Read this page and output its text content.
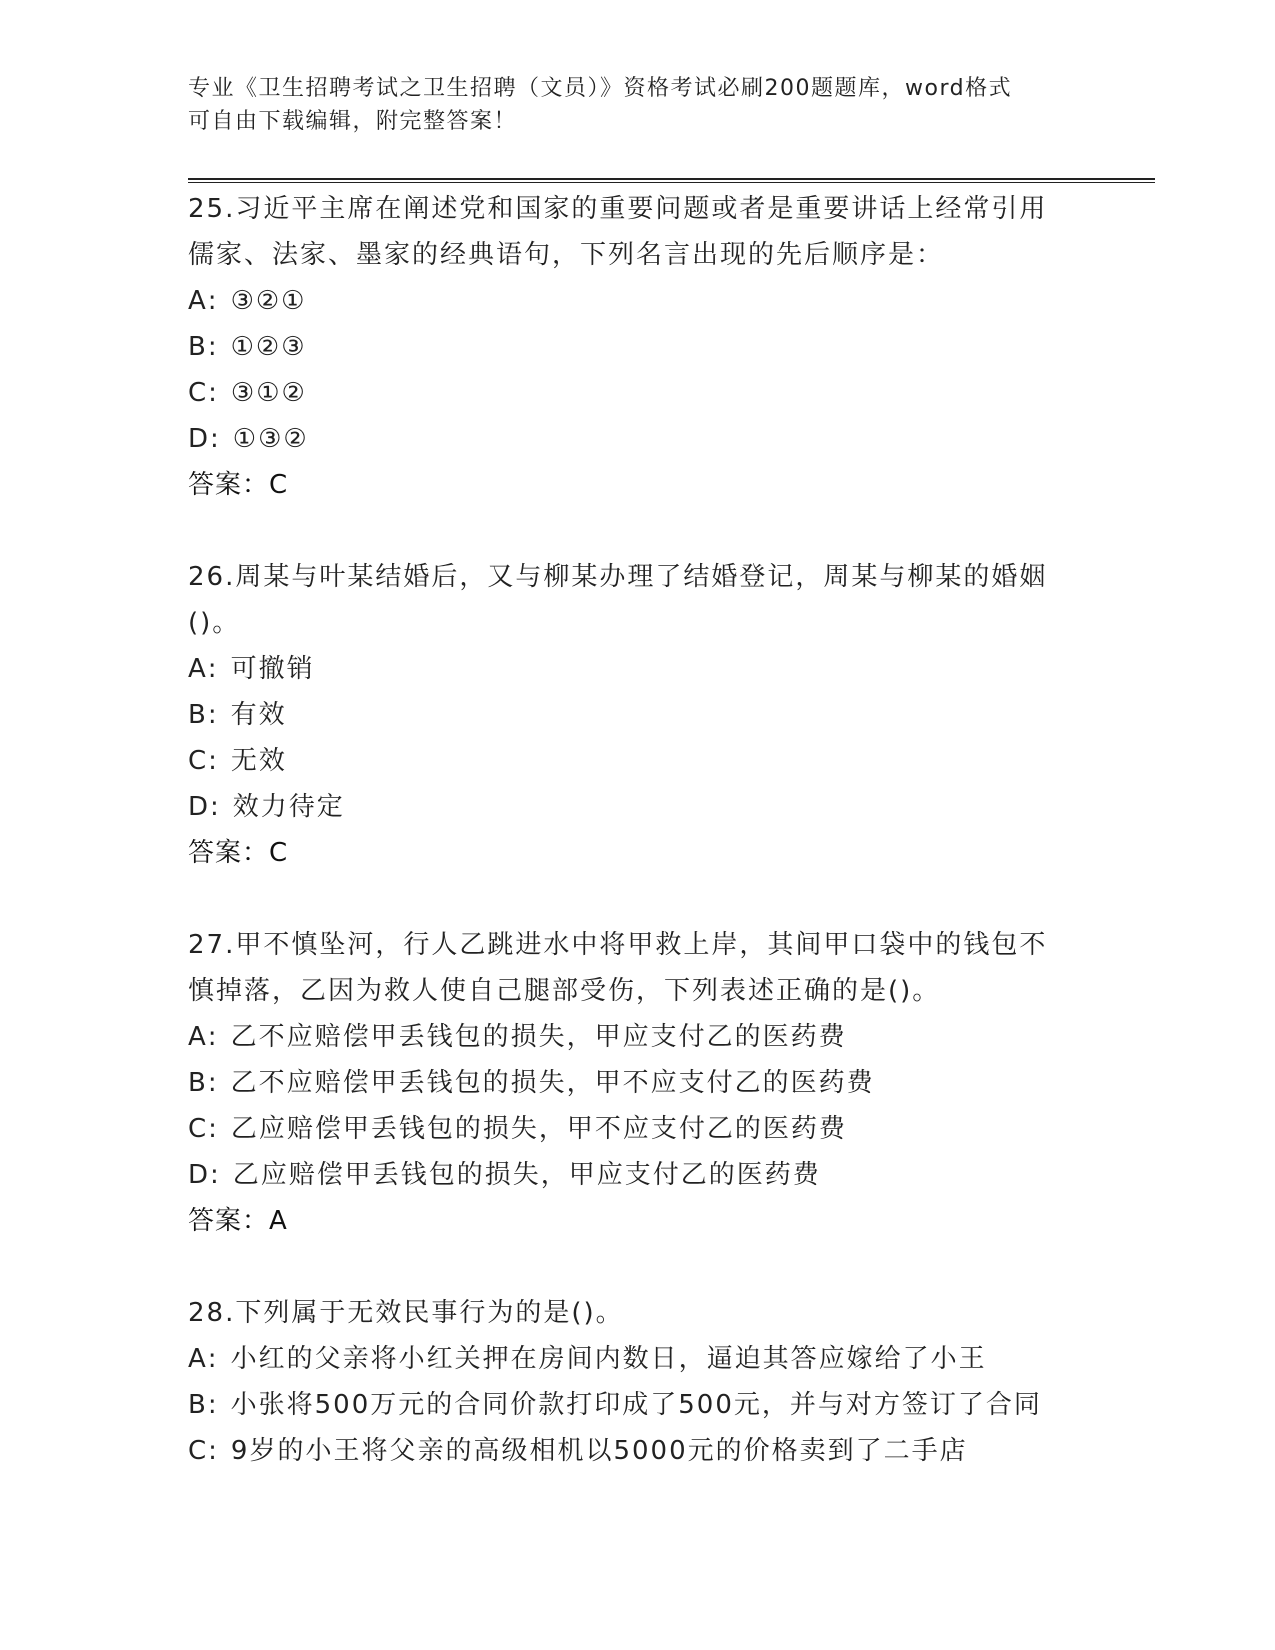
专业《卫生招聘考试之卫生招聘（文员）》资格考试必刷200题题库，word格式
可自由下载编辑，附完整答案！

25.习近平主席在阐述党和国家的重要问题或者是重要讲话上经常引用

儒家、法家、墨家的经典语句，下列名言出现的先后顺序是：

A: ③②①

B: ①②③

C: ③①②

D: ①③②

答案：C

26.周某与叶某结婚后，又与柳某办理了结婚登记，周某与柳某的婚姻

()。

A: 可撤销

B: 有效

C: 无效

D: 效力待定

答案：C

27.甲不慎坠河，行人乙跳进水中将甲救上岸，其间甲口袋中的钱包不

慎掉落，乙因为救人使自己腿部受伤，下列表述正确的是()。

A: 乙不应赔偿甲丢钱包的损失，甲应支付乙的医药费

B: 乙不应赔偿甲丢钱包的损失，甲不应支付乙的医药费

C: 乙应赔偿甲丢钱包的损失，甲不应支付乙的医药费

D: 乙应赔偿甲丢钱包的损失，甲应支付乙的医药费

答案：A

28.下列属于无效民事行为的是()。

A: 小红的父亲将小红关押在房间内数日，逼迫其答应嫁给了小王

B: 小张将500万元的合同价款打印成了500元，并与对方签订了合同

C: 9岁的小王将父亲的高级相机以5000元的价格卖到了二手店
